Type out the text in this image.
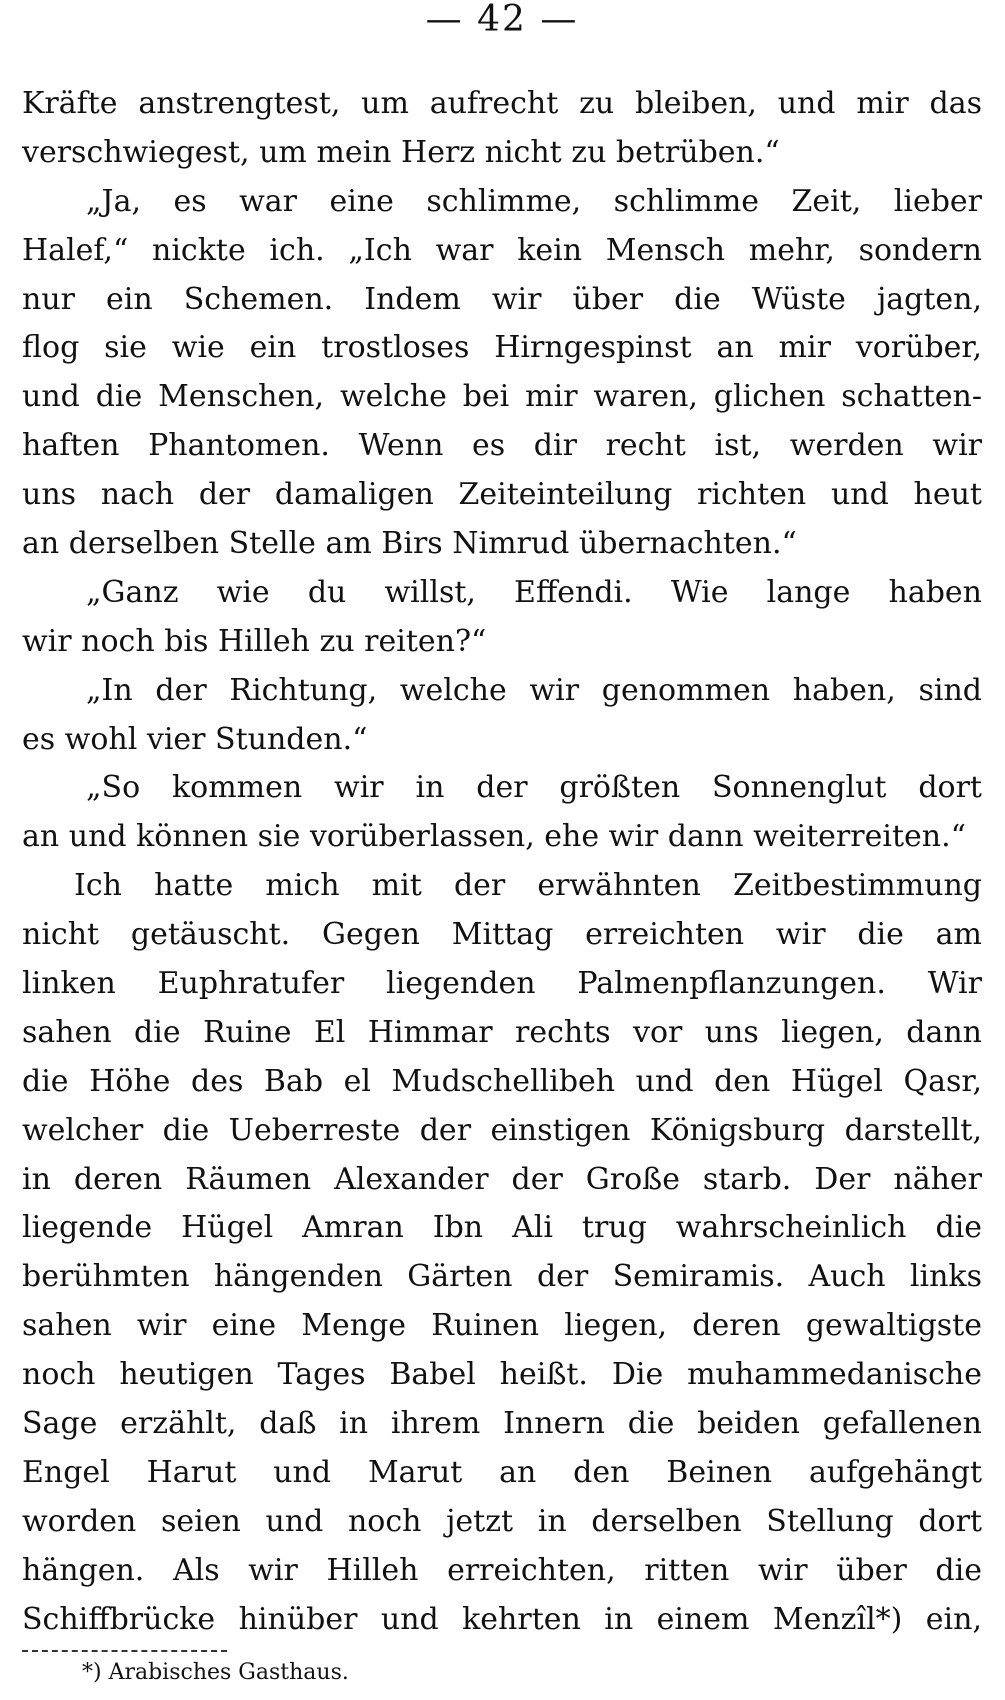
— 42 —
Kräfte anstrengtest, um aufrecht zu bleiben, und mir das
verschwiegest, um mein Herz nicht zu betrüben.“
„Ja, es war eine schlimme, schlimme Zeit, lieber
Halef,“ nickte ich. „Ich war kein Mensch mehr, sondern
nur ein Schemen. Indem wir über die Wüste jagten,
flog sie wie ein trostloses Hirngespinst an mir vorüber,
und die Menschen, welche bei mir waren, glichen schatten-
haften Phantomen. Wenn es dir recht ist, werden wir
uns nach der damaligen Zeiteinteilung richten und heut
an derselben Stelle am Birs Nimrud übernachten.“
„Ganz wie du willst, Effendi. Wie lange haben
wir noch bis Hilleh zu reiten?“
„In der Richtung, welche wir genommen haben, sind
es wohl vier Stunden.“
„So kommen wir in der größten Sonnenglut dort
an und können sie vorüberlassen, ehe wir dann weiterreiten.“
Ich hatte mich mit der erwähnten Zeitbestimmung
nicht getäuscht. Gegen Mittag erreichten wir die am
linken Euphratufer liegenden Palmenpflanzungen. Wir
sahen die Ruine El Himmar rechts vor uns liegen, dann
die Höhe des Bab el Mudschellibeh und den Hügel Qasr,
welcher die Ueberreste der einstigen Königsburg darstellt,
in deren Räumen Alexander der Große starb. Der näher
liegende Hügel Amran Ibn Ali trug wahrscheinlich die
berühmten hängenden Gärten der Semiramis. Auch links
sahen wir eine Menge Ruinen liegen, deren gewaltigste
noch heutigen Tages Babel heißt. Die muhammedanische
Sage erzählt, daß in ihrem Innern die beiden gefallenen
Engel Harut und Marut an den Beinen aufgehängt
worden seien und noch jetzt in derselben Stellung dort
hängen. Als wir Hilleh erreichten, ritten wir über die
Schiffbrücke hinüber und kehrten in einem Menzîl*) ein,
*) Arabisches Gasthaus.
